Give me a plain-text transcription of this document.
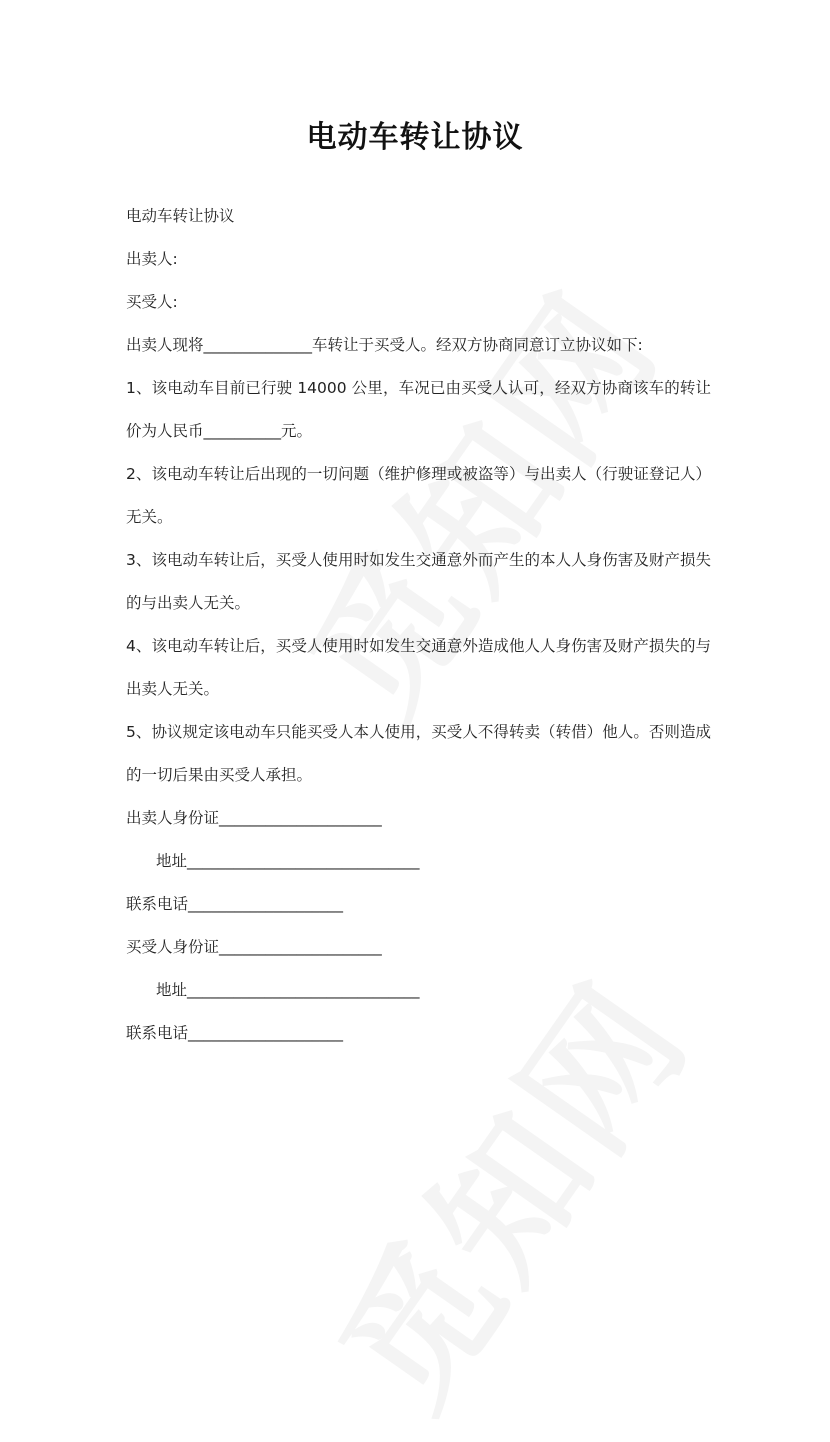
电动车转让协议

电动车转让协议

出卖人:

买受人:

出卖人现将______________车转让于买受人。经双方协商同意订立协议如下:

1、该电动车目前已行驶 14000 公里，车况已由买受人认可，经双方协商该车的转让价为人民币__________元。

2、该电动车转让后出现的一切问题（维护修理或被盗等）与出卖人（行驶证登记人）无关。

3、该电动车转让后，买受人使用时如发生交通意外而产生的本人人身伤害及财产损失的与出卖人无关。

4、该电动车转让后，买受人使用时如发生交通意外造成他人人身伤害及财产损失的与出卖人无关。

5、协议规定该电动车只能买受人本人使用，买受人不得转卖（转借）他人。否则造成的一切后果由买受人承担。

出卖人身份证_____________________

地址______________________________

联系电话____________________

买受人身份证_____________________

地址______________________________

联系电话____________________
